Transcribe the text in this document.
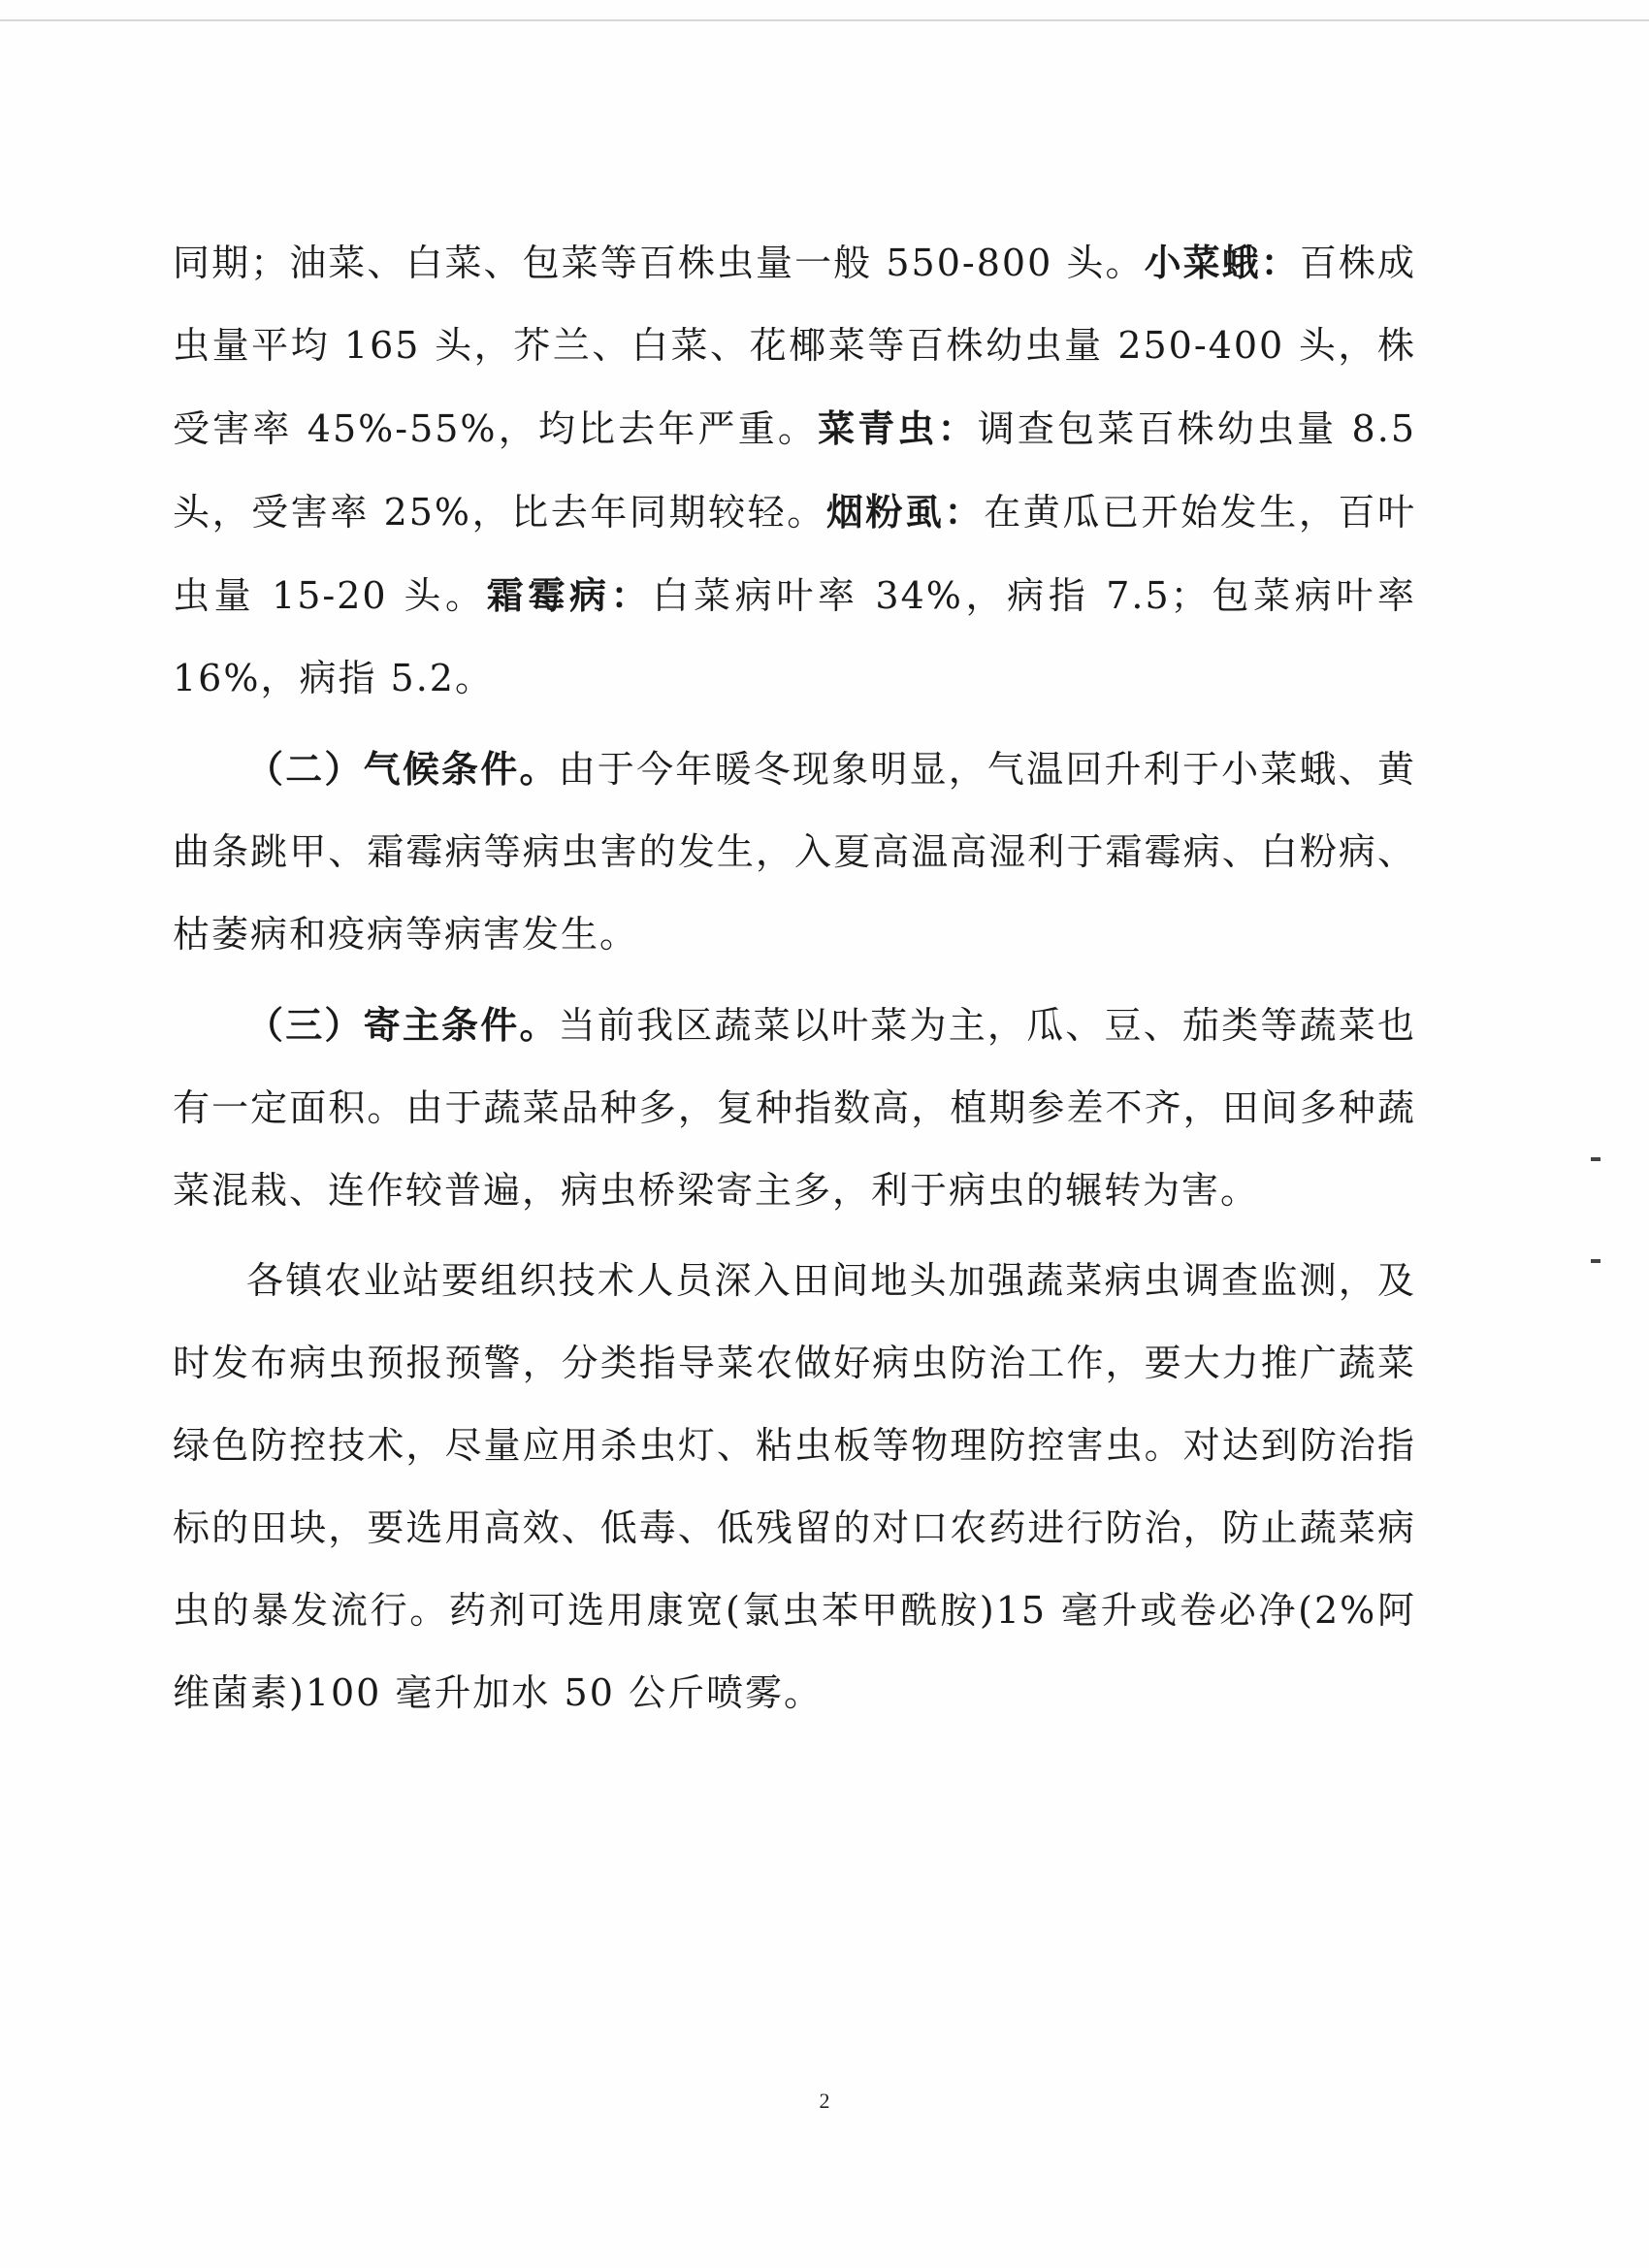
同期；油菜、白菜、包菜等百株虫量一般 550-800 头。小菜蛾：百株成虫量平均 165 头，芥兰、白菜、花椰菜等百株幼虫量 250-400 头，株受害率 45%-55%，均比去年严重。菜青虫：调查包菜百株幼虫量 8.5 头，受害率 25%，比去年同期较轻。烟粉虱：在黄瓜已开始发生，百叶虫量 15-20 头。霜霉病：白菜病叶率 34%，病指 7.5；包菜病叶率 16%，病指 5.2。

（二）气候条件。由于今年暖冬现象明显，气温回升利于小菜蛾、黄曲条跳甲、霜霉病等病虫害的发生，入夏高温高湿利于霜霉病、白粉病、枯萎病和疫病等病害发生。

（三）寄主条件。当前我区蔬菜以叶菜为主，瓜、豆、茄类等蔬菜也有一定面积。由于蔬菜品种多，复种指数高，植期参差不齐，田间多种蔬菜混栽、连作较普遍，病虫桥梁寄主多，利于病虫的辗转为害。

各镇农业站要组织技术人员深入田间地头加强蔬菜病虫调查监测，及时发布病虫预报预警，分类指导菜农做好病虫防治工作，要大力推广蔬菜绿色防控技术，尽量应用杀虫灯、粘虫板等物理防控害虫。对达到防治指标的田块，要选用高效、低毒、低残留的对口农药进行防治，防止蔬菜病虫的暴发流行。药剂可选用康宽(氯虫苯甲酰胺)15 毫升或卷必净(2%阿维菌素)100 毫升加水 50 公斤喷雾。

2
